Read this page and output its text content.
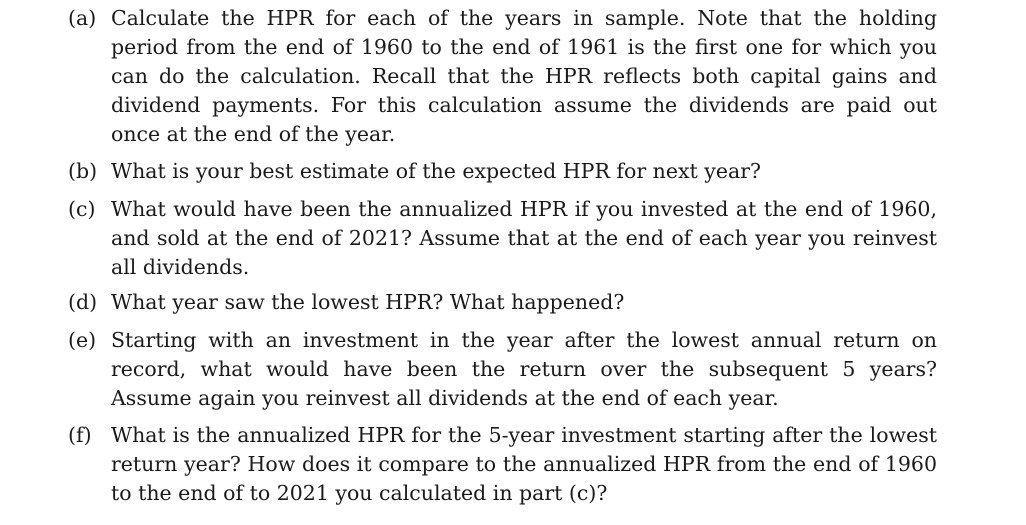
(a) Calculate the HPR for each of the years in sample. Note that the holding period from the end of 1960 to the end of 1961 is the first one for which you can do the calculation. Recall that the HPR reflects both capital gains and dividend payments. For this calculation assume the dividends are paid out once at the end of the year.
(b) What is your best estimate of the expected HPR for next year?
(c) What would have been the annualized HPR if you invested at the end of 1960, and sold at the end of 2021? Assume that at the end of each year you reinvest all dividends.
(d) What year saw the lowest HPR? What happened?
(e) Starting with an investment in the year after the lowest annual return on record, what would have been the return over the subsequent 5 years? Assume again you reinvest all dividends at the end of each year.
(f) What is the annualized HPR for the 5-year investment starting after the lowest return year? How does it compare to the annualized HPR from the end of 1960 to the end of to 2021 you calculated in part (c)?
